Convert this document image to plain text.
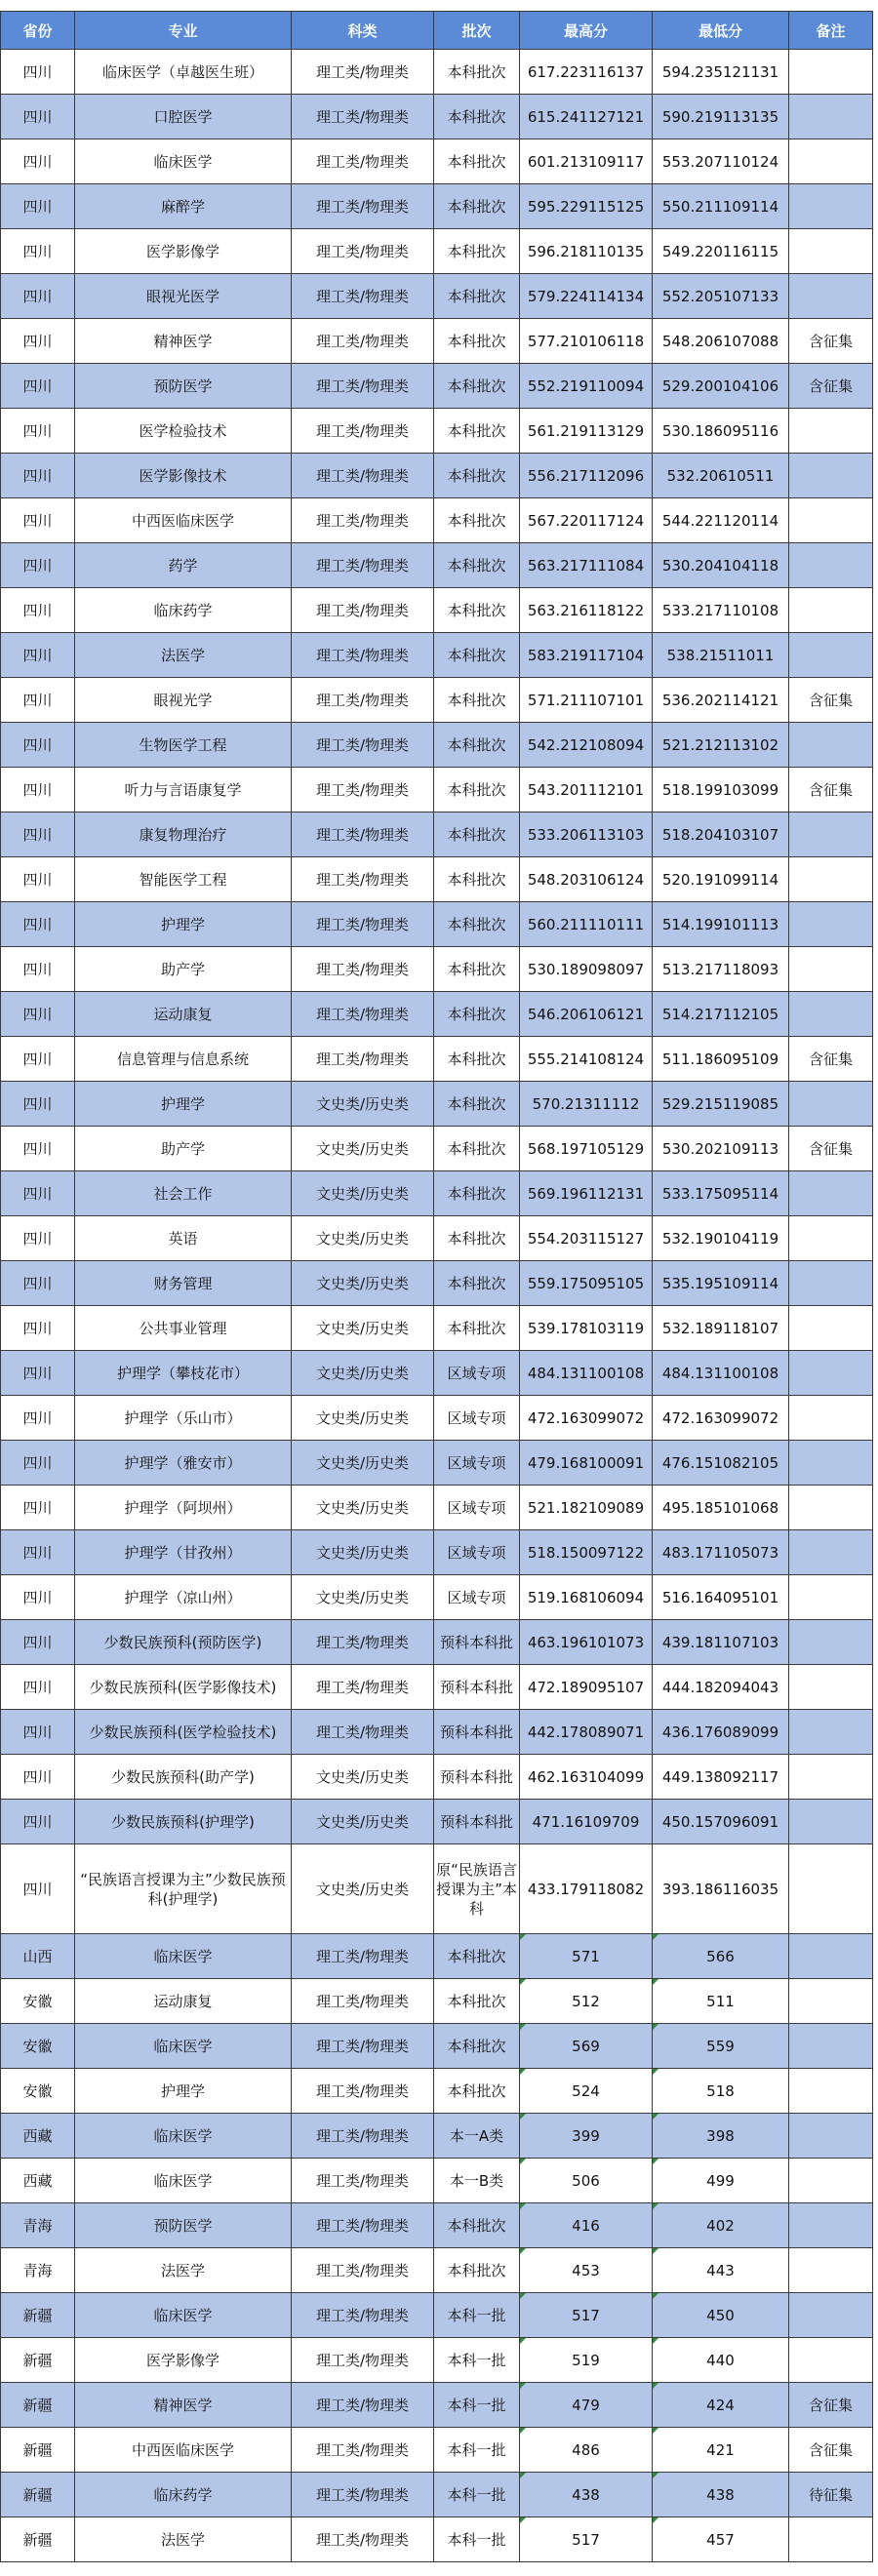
省份	专业	科类	批次	最高分	最低分	备注
四川	临床医学（卓越医生班）	理工类/物理类	本科批次	617.223116137	594.235121131	
四川	口腔医学	理工类/物理类	本科批次	615.241127121	590.219113135	
四川	临床医学	理工类/物理类	本科批次	601.213109117	553.207110124	
四川	麻醉学	理工类/物理类	本科批次	595.229115125	550.211109114	
四川	医学影像学	理工类/物理类	本科批次	596.218110135	549.220116115	
四川	眼视光医学	理工类/物理类	本科批次	579.224114134	552.205107133	
四川	精神医学	理工类/物理类	本科批次	577.210106118	548.206107088	含征集
四川	预防医学	理工类/物理类	本科批次	552.219110094	529.200104106	含征集
四川	医学检验技术	理工类/物理类	本科批次	561.219113129	530.186095116	
四川	医学影像技术	理工类/物理类	本科批次	556.217112096	532.20610511	
四川	中西医临床医学	理工类/物理类	本科批次	567.220117124	544.221120114	
四川	药学	理工类/物理类	本科批次	563.217111084	530.204104118	
四川	临床药学	理工类/物理类	本科批次	563.216118122	533.217110108	
四川	法医学	理工类/物理类	本科批次	583.219117104	538.21511011	
四川	眼视光学	理工类/物理类	本科批次	571.211107101	536.202114121	含征集
四川	生物医学工程	理工类/物理类	本科批次	542.212108094	521.212113102	
四川	听力与言语康复学	理工类/物理类	本科批次	543.201112101	518.199103099	含征集
四川	康复物理治疗	理工类/物理类	本科批次	533.206113103	518.204103107	
四川	智能医学工程	理工类/物理类	本科批次	548.203106124	520.191099114	
四川	护理学	理工类/物理类	本科批次	560.211110111	514.199101113	
四川	助产学	理工类/物理类	本科批次	530.189098097	513.217118093	
四川	运动康复	理工类/物理类	本科批次	546.206106121	514.217112105	
四川	信息管理与信息系统	理工类/物理类	本科批次	555.214108124	511.186095109	含征集
四川	护理学	文史类/历史类	本科批次	570.21311112	529.215119085	
四川	助产学	文史类/历史类	本科批次	568.197105129	530.202109113	含征集
四川	社会工作	文史类/历史类	本科批次	569.196112131	533.175095114	
四川	英语	文史类/历史类	本科批次	554.203115127	532.190104119	
四川	财务管理	文史类/历史类	本科批次	559.175095105	535.195109114	
四川	公共事业管理	文史类/历史类	本科批次	539.178103119	532.189118107	
四川	护理学（攀枝花市）	文史类/历史类	区域专项	484.131100108	484.131100108	
四川	护理学（乐山市）	文史类/历史类	区域专项	472.163099072	472.163099072	
四川	护理学（雅安市）	文史类/历史类	区域专项	479.168100091	476.151082105	
四川	护理学（阿坝州）	文史类/历史类	区域专项	521.182109089	495.185101068	
四川	护理学（甘孜州）	文史类/历史类	区域专项	518.150097122	483.171105073	
四川	护理学（凉山州）	文史类/历史类	区域专项	519.168106094	516.164095101	
四川	少数民族预科(预防医学)	理工类/物理类	预科本科批	463.196101073	439.181107103	
四川	少数民族预科(医学影像技术)	理工类/物理类	预科本科批	472.189095107	444.182094043	
四川	少数民族预科(医学检验技术)	理工类/物理类	预科本科批	442.178089071	436.176089099	
四川	少数民族预科(助产学)	文史类/历史类	预科本科批	462.163104099	449.138092117	
四川	少数民族预科(护理学)	文史类/历史类	预科本科批	471.16109709	450.157096091	
四川	“民族语言授课为主”少数民族预科(护理学)	文史类/历史类	原“民族语言授课为主”本科	433.179118082	393.186116035	
山西	临床医学	理工类/物理类	本科批次	571	566

安徽	运动康复	理工类/物理类	本科批次	512	511

安徽	临床医学	理工类/物理类	本科批次	569	559

安徽	护理学	理工类/物理类	本科批次	524	518

西藏	临床医学	理工类/物理类	本一A类	399	398

西藏	临床医学	理工类/物理类	本一B类	506	499

青海	预防医学	理工类/物理类	本科批次	416	402

青海	法医学	理工类/物理类	本科批次	453	443

新疆	临床医学	理工类/物理类	本科一批	517	450

新疆	医学影像学	理工类/物理类	本科一批	519	440

新疆	精神医学	理工类/物理类	本科一批	479	424	含征集
新疆	中西医临床医学	理工类/物理类	本科一批	486	421	含征集
新疆	临床药学	理工类/物理类	本科一批	438	438	待征集
新疆	法医学	理工类/物理类	本科一批	517	457
